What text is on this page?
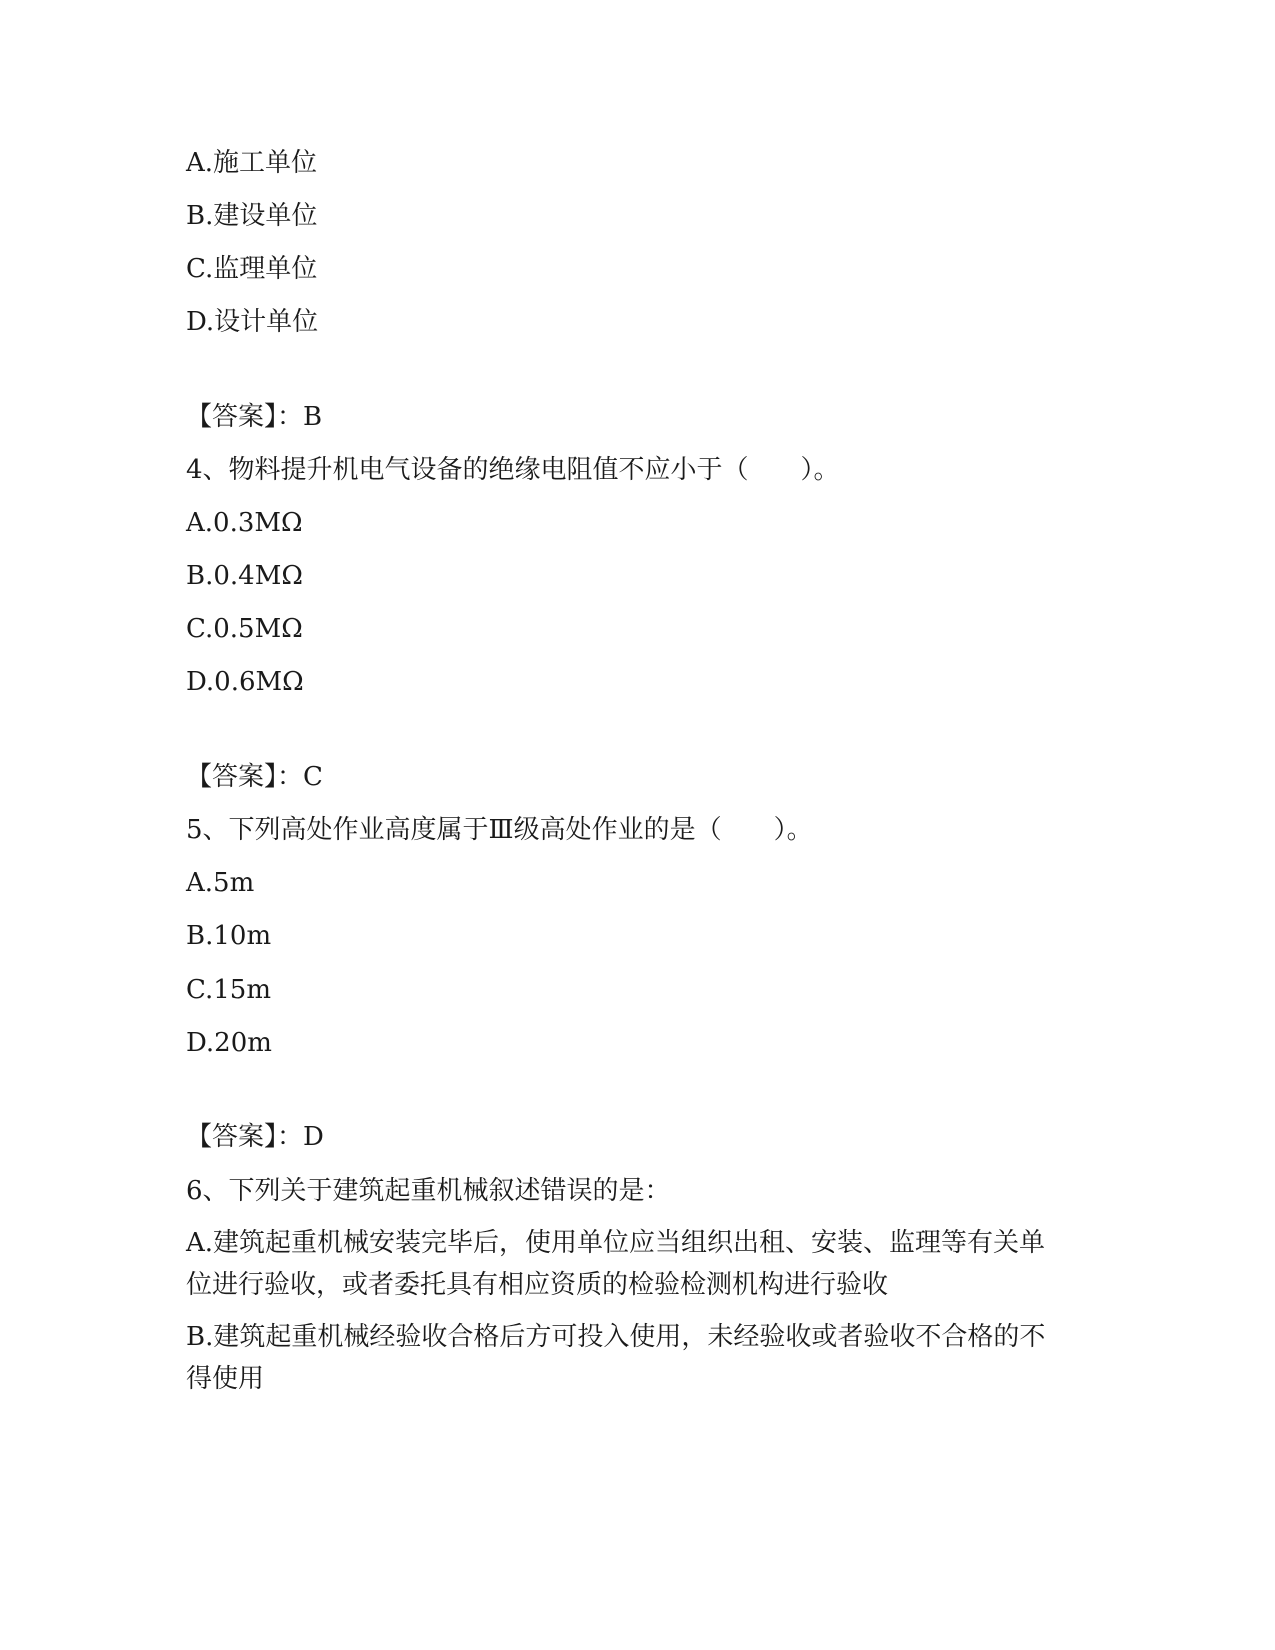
A.施工单位
B.建设单位
C.监理单位
D.设计单位
【答案】：B
4、物料提升机电气设备的绝缘电阻值不应小于（　　）。
A.0.3MΩ
B.0.4MΩ
C.0.5MΩ
D.0.6MΩ
【答案】：C
5、下列高处作业高度属于Ⅲ级高处作业的是（　　）。
A.5m
B.10m
C.15m
D.20m
【答案】：D
6、下列关于建筑起重机械叙述错误的是：
A.建筑起重机械安装完毕后，使用单位应当组织出租、安装、监理等有关单位进行验收，或者委托具有相应资质的检验检测机构进行验收
B.建筑起重机械经验收合格后方可投入使用，未经验收或者验收不合格的不得使用
